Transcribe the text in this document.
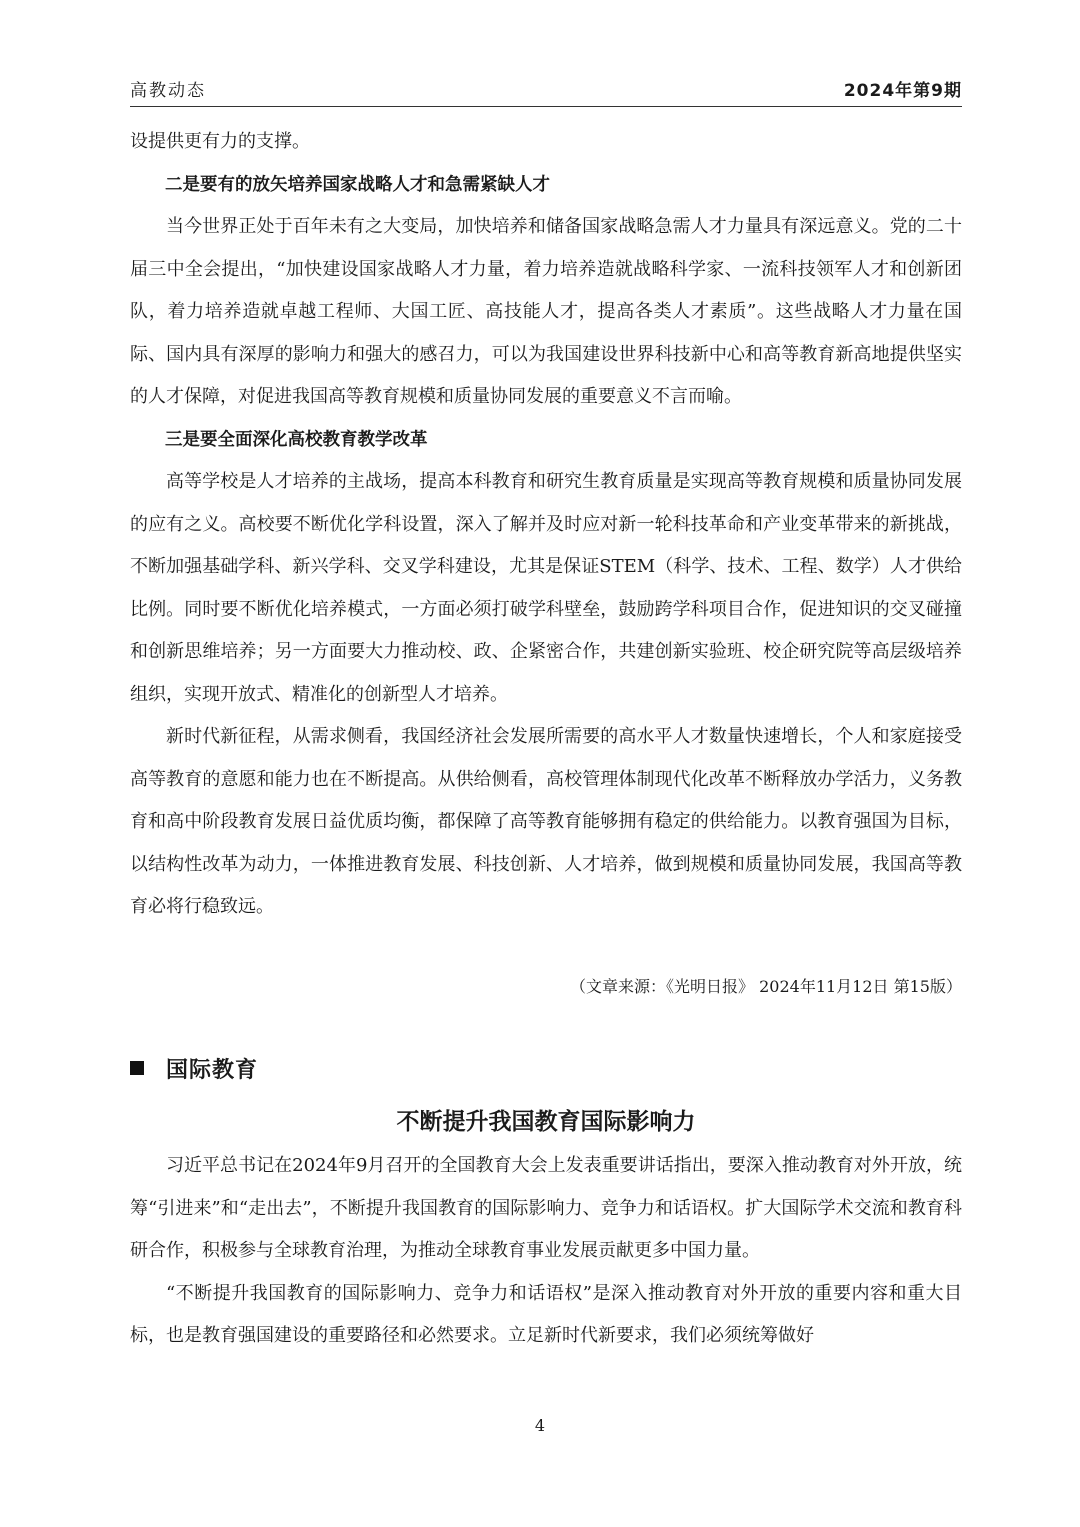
高教动态	2024年第9期

设提供更有力的支撑。

二是要有的放矢培养国家战略人才和急需紧缺人才

当今世界正处于百年未有之大变局，加快培养和储备国家战略急需人才力量具有深远意义。党的二十届三中全会提出，“加快建设国家战略人才力量，着力培养造就战略科学家、一流科技领军人才和创新团队，着力培养造就卓越工程师、大国工匠、高技能人才，提高各类人才素质”。这些战略人才力量在国际、国内具有深厚的影响力和强大的感召力，可以为我国建设世界科技新中心和高等教育新高地提供坚实的人才保障，对促进我国高等教育规模和质量协同发展的重要意义不言而喻。

三是要全面深化高校教育教学改革

高等学校是人才培养的主战场，提高本科教育和研究生教育质量是实现高等教育规模和质量协同发展的应有之义。高校要不断优化学科设置，深入了解并及时应对新一轮科技革命和产业变革带来的新挑战，不断加强基础学科、新兴学科、交叉学科建设，尤其是保证STEM（科学、技术、工程、数学）人才供给比例。同时要不断优化培养模式，一方面必须打破学科壁垒，鼓励跨学科项目合作，促进知识的交叉碰撞和创新思维培养；另一方面要大力推动校、政、企紧密合作，共建创新实验班、校企研究院等高层级培养组织，实现开放式、精准化的创新型人才培养。

新时代新征程，从需求侧看，我国经济社会发展所需要的高水平人才数量快速增长，个人和家庭接受高等教育的意愿和能力也在不断提高。从供给侧看，高校管理体制现代化改革不断释放办学活力，义务教育和高中阶段教育发展日益优质均衡，都保障了高等教育能够拥有稳定的供给能力。以教育强国为目标，以结构性改革为动力，一体推进教育发展、科技创新、人才培养，做到规模和质量协同发展，我国高等教育必将行稳致远。

（文章来源：《光明日报》 2024年11月12日 第15版）
国际教育
不断提升我国教育国际影响力

习近平总书记在2024年9月召开的全国教育大会上发表重要讲话指出，要深入推动教育对外开放，统筹“引进来”和“走出去”，不断提升我国教育的国际影响力、竞争力和话语权。扩大国际学术交流和教育科研合作，积极参与全球教育治理，为推动全球教育事业发展贡献更多中国力量。

“不断提升我国教育的国际影响力、竞争力和话语权”是深入推动教育对外开放的重要内容和重大目标，也是教育强国建设的重要路径和必然要求。立足新时代新要求，我们必须统筹做好

4
